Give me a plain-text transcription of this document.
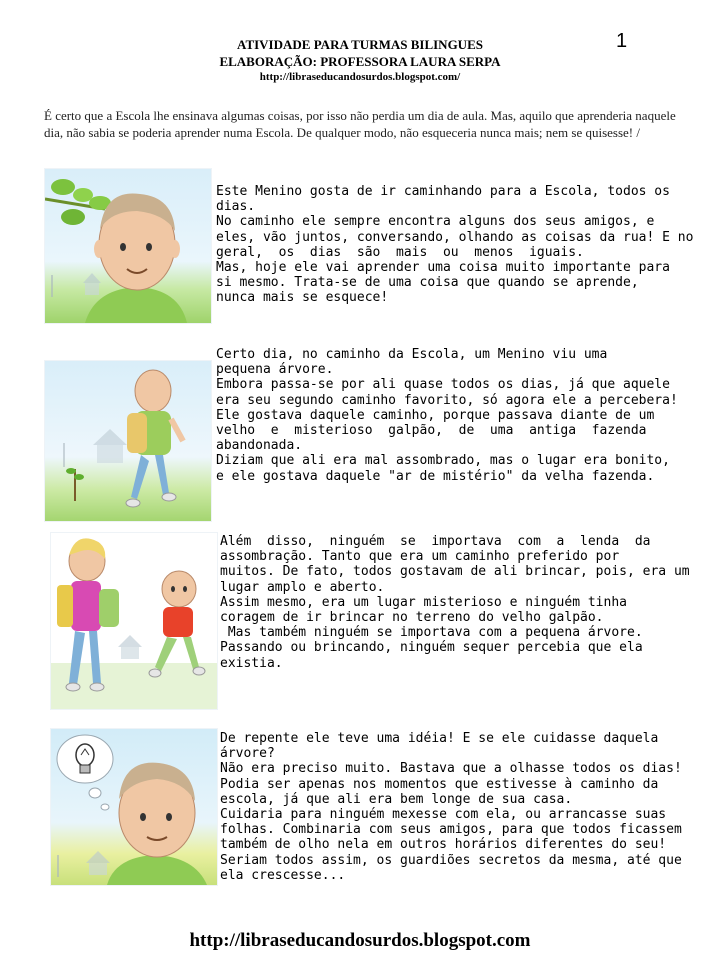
ATIVIDADE PARA TURMAS BILINGUES
ELABORAÇÃO: PROFESSORA LAURA SERPA
http://libraseducandosurdos.blogspot.com/
1
É certo que a Escola lhe ensinava algumas coisas, por isso não perdia um dia de aula. Mas, aquilo que aprenderia naquele dia, não sabia se poderia aprender numa Escola. De qualquer modo, não esqueceria nunca mais; nem se quisesse! /
Este Menino gosta de ir caminhando para a Escola, todos os
dias.
No caminho ele sempre encontra alguns dos seus amigos, e
eles, vão juntos, conversando, olhando as coisas da rua! E no
geral,  os  dias  são  mais  ou  menos  iguais.
Mas, hoje ele vai aprender uma coisa muito importante para
si mesmo. Trata-se de uma coisa que quando se aprende,
nunca mais se esquece!
Certo dia, no caminho da Escola, um Menino viu uma
pequena árvore.
Embora passa-se por ali quase todos os dias, já que aquele
era seu segundo caminho favorito, só agora ele a percebera!
Ele gostava daquele caminho, porque passava diante de um
velho  e  misterioso  galpão,  de  uma  antiga  fazenda
abandonada.
Diziam que ali era mal assombrado, mas o lugar era bonito,
e ele gostava daquele "ar de mistério" da velha fazenda.
Além  disso,  ninguém  se  importava  com  a  lenda  da
assombração. Tanto que era um caminho preferido por
muitos. De fato, todos gostavam de ali brincar, pois, era um
lugar amplo e aberto.
Assim mesmo, era um lugar misterioso e ninguém tinha
coragem de ir brincar no terreno do velho galpão.
Mas também ninguém se importava com a pequena árvore.
Passando ou brincando, ninguém sequer percebia que ela
existia.
De repente ele teve uma idéia! E se ele cuidasse daquela
árvore?
Não era preciso muito. Bastava que a olhasse todos os dias!
Podia ser apenas nos momentos que estivesse à caminho da
escola, já que ali era bem longe de sua casa.
Cuidaria para ninguém mexesse com ela, ou arrancasse suas
folhas. Combinaria com seus amigos, para que todos ficassem
também de olho nela em outros horários diferentes do seu!
Seriam todos assim, os guardiões secretos da mesma, até que
ela crescesse...
http://libraseducandosurdos.blogspot.com
